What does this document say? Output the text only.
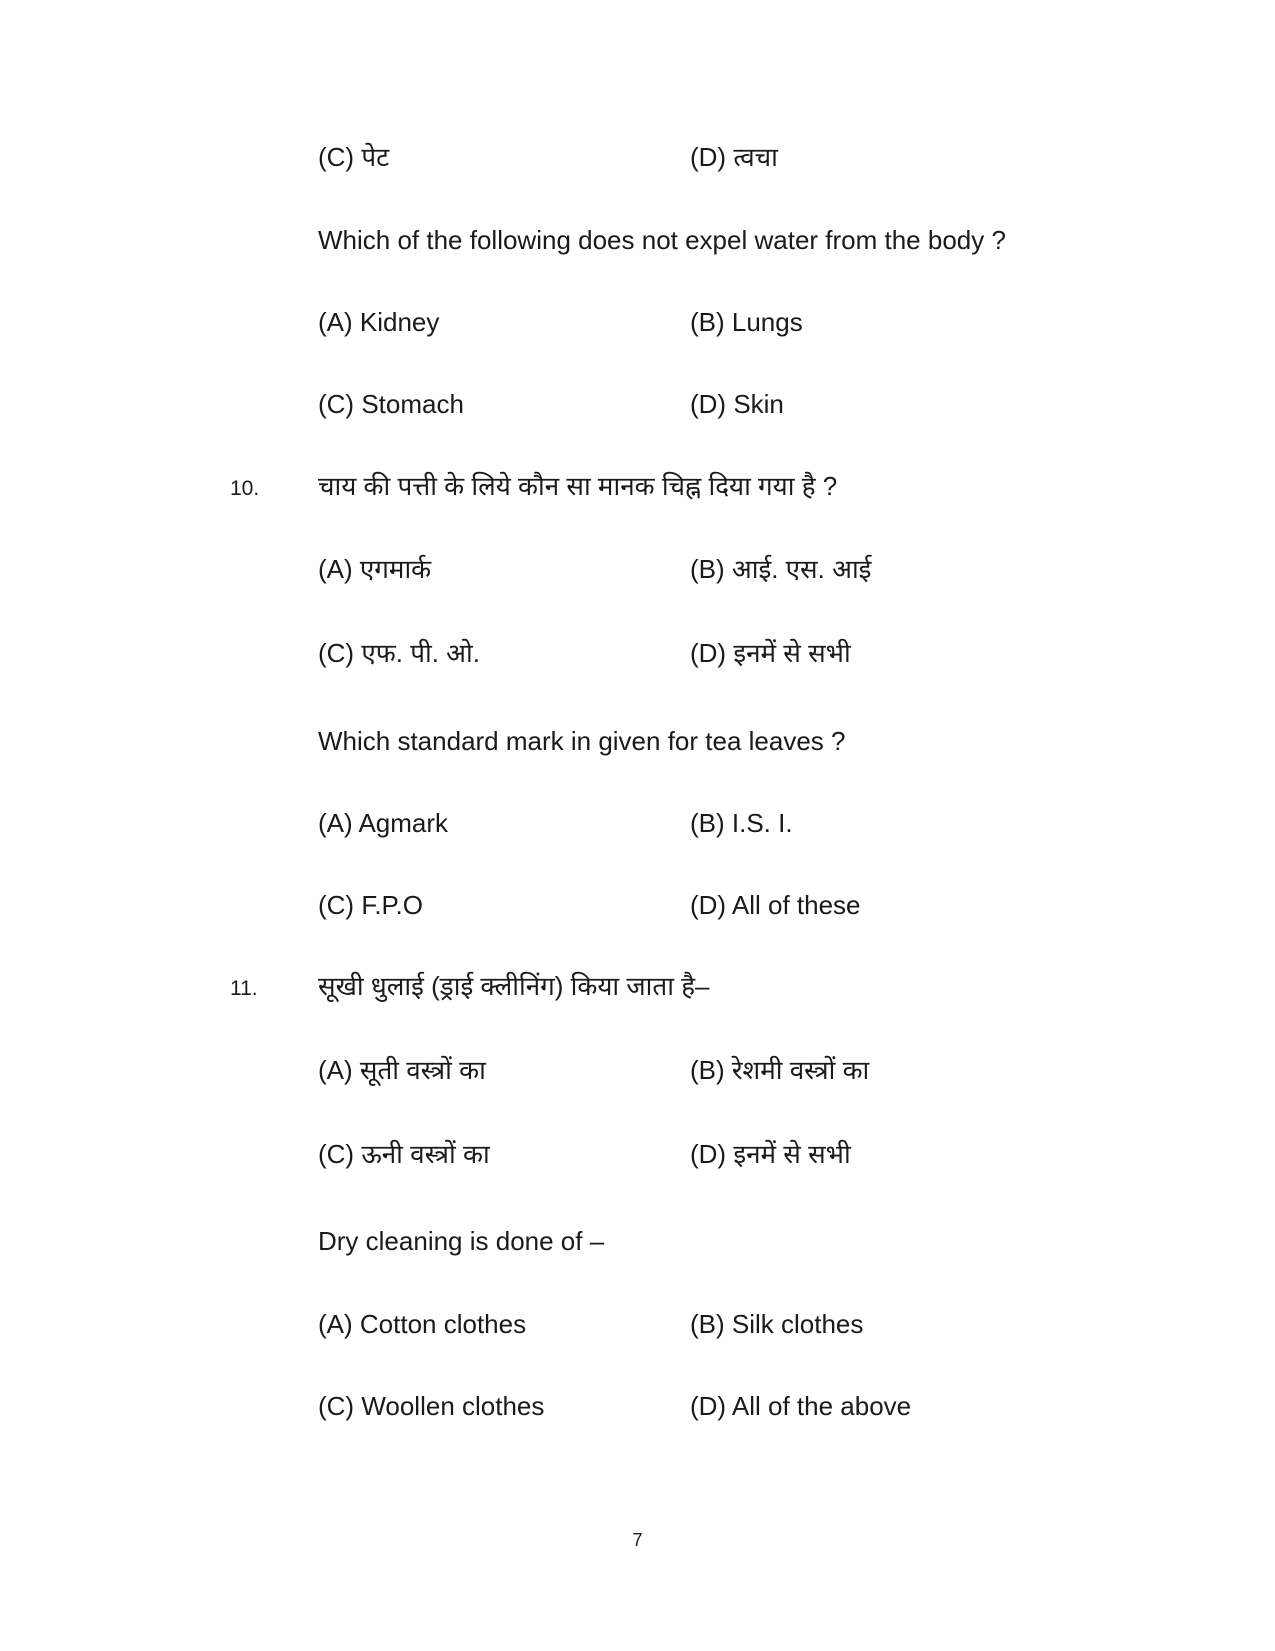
(C) पेट	(D) त्वचा
Which of the following does not expel water from the body ?
(A) Kidney	(B) Lungs
(C) Stomach	(D) Skin
10. चाय की पत्ती के लिये कौन सा मानक चिह्न दिया गया है ?
(A) एगमार्क	(B) आई. एस. आई
(C) एफ. पी. ओ.	(D) इनमें से सभी
Which standard mark in given for tea leaves ?
(A) Agmark	(B) I.S. I.
(C) F.P.O	(D) All of these
11. सूखी धुलाई (ड्राई क्लीनिंग) किया जाता है–
(A) सूती वस्त्रों का	(B) रेशमी वस्त्रों का
(C) ऊनी वस्त्रों का	(D) इनमें से सभी
Dry cleaning is done of –
(A) Cotton clothes	(B) Silk clothes
(C) Woollen clothes	(D) All of the above
7
